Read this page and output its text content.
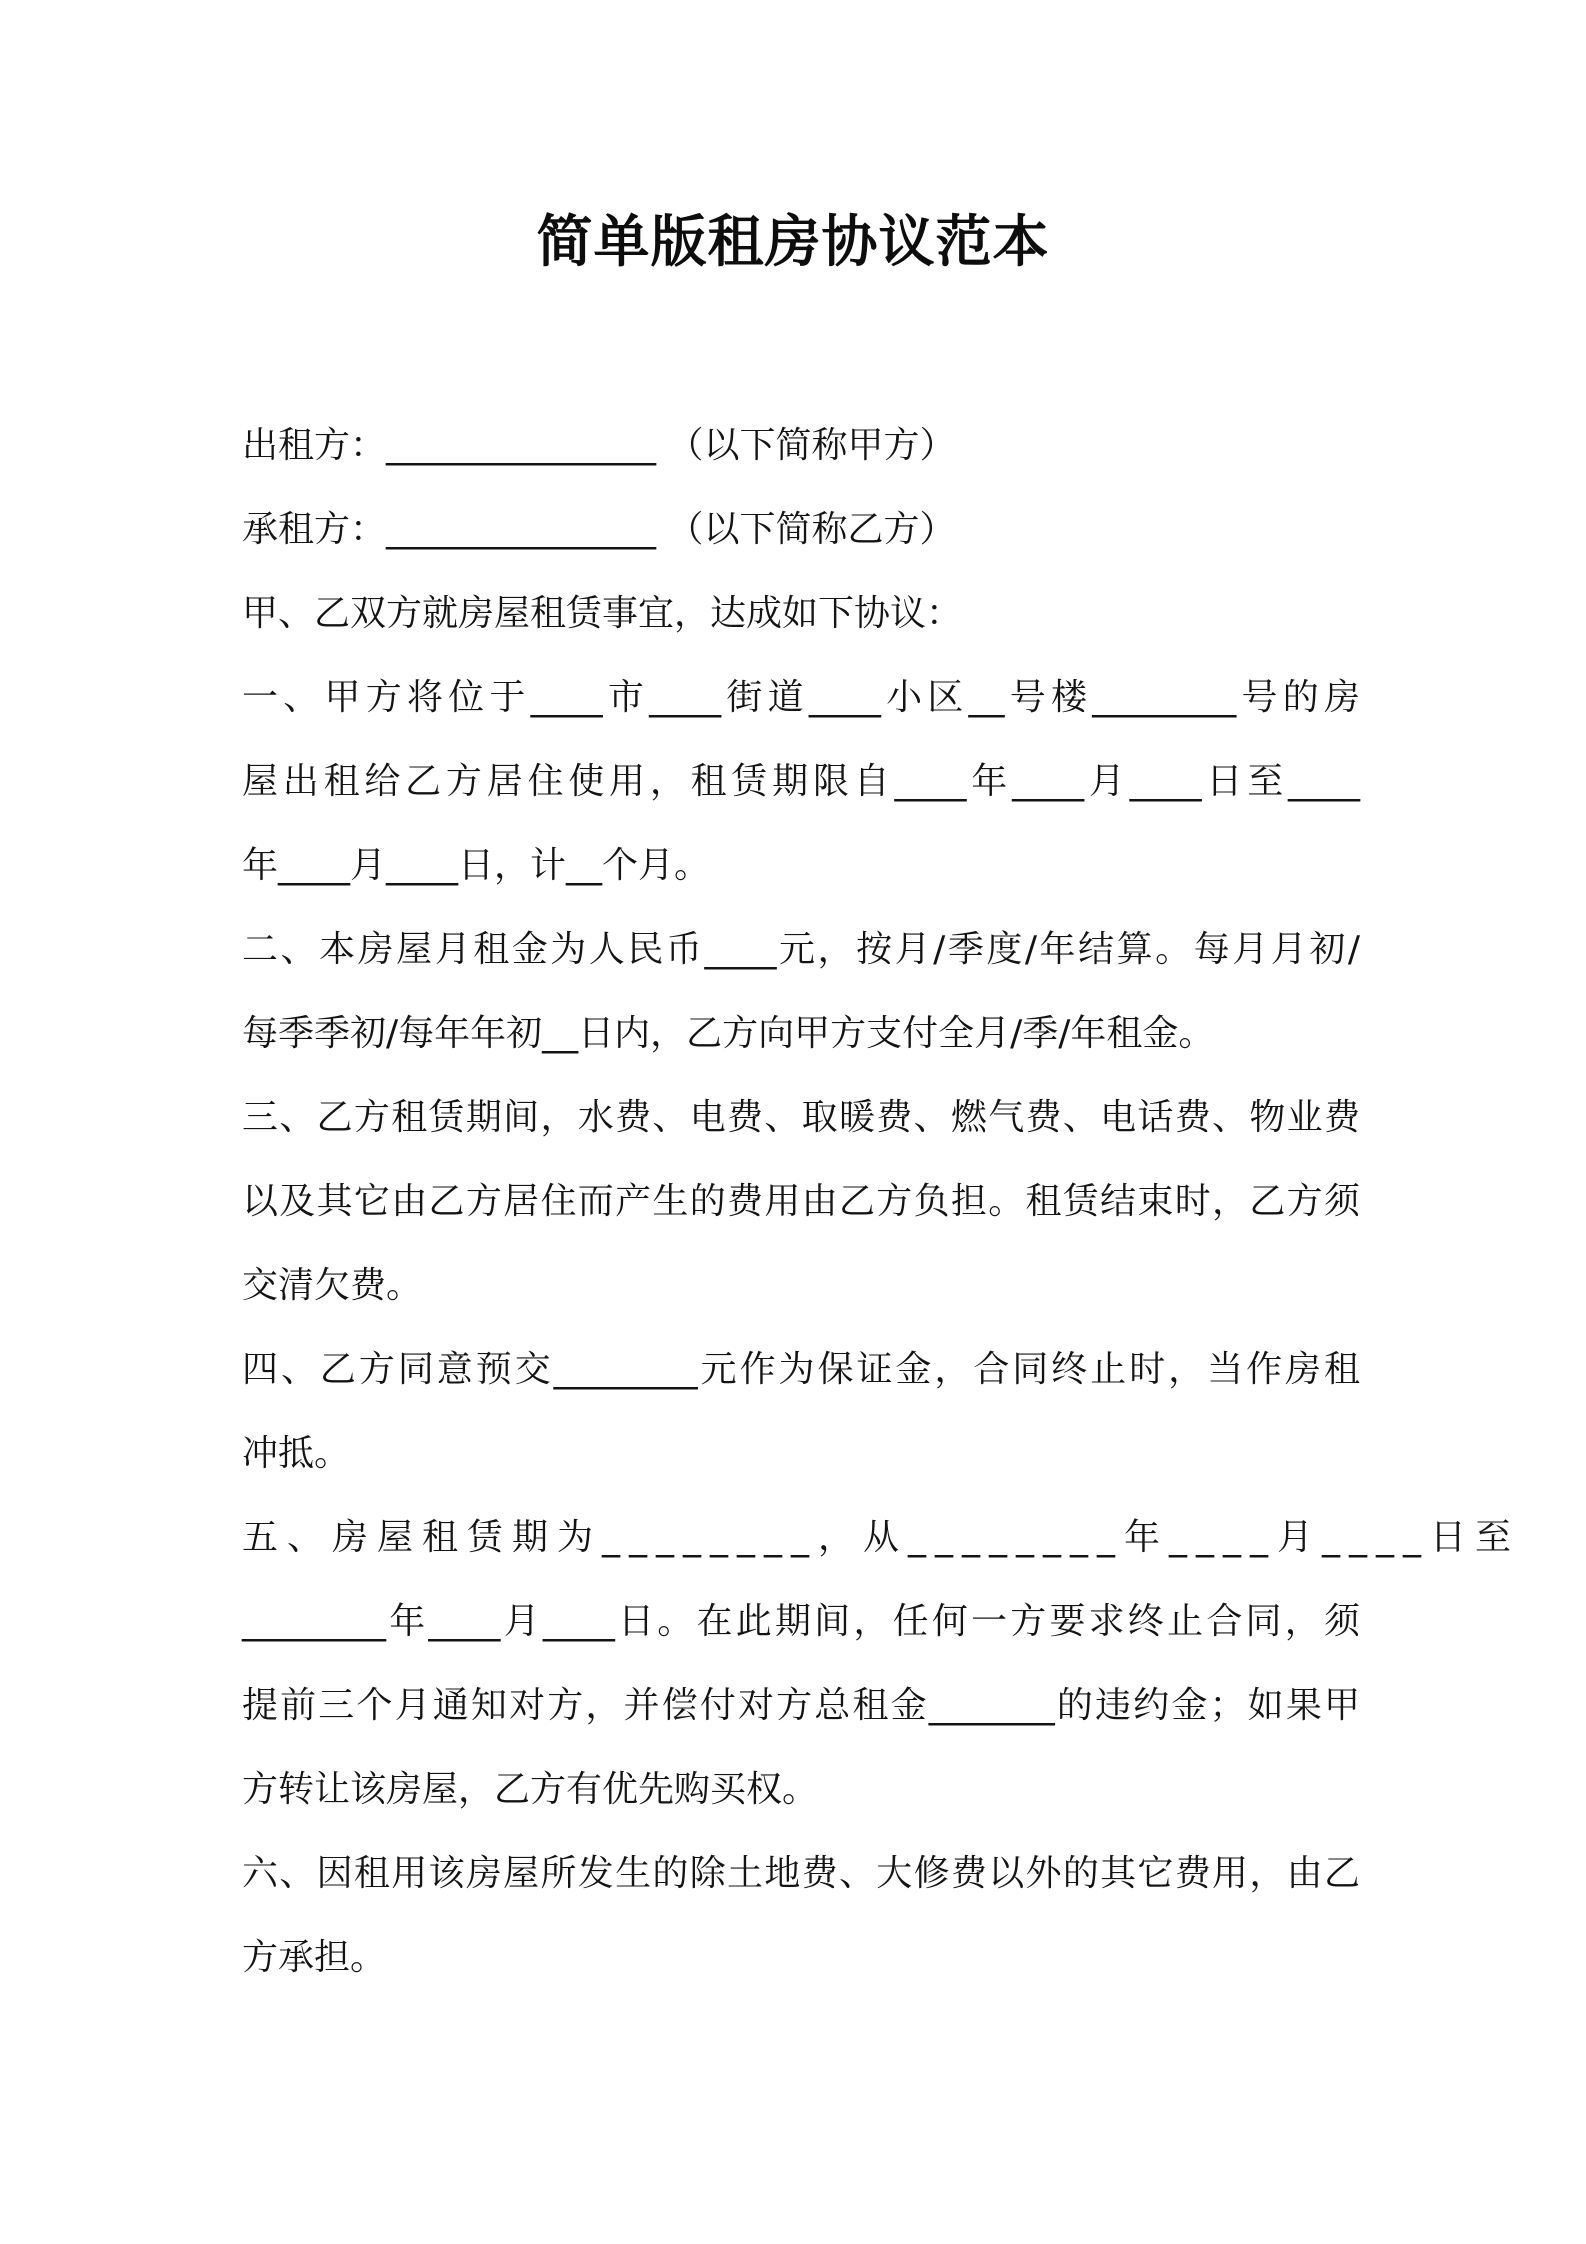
简单版租房协议范本
出租方：_______________ （以下简称甲方）
承租方：_______________ （以下简称乙方）
甲、乙双方就房屋租赁事宜，达成如下协议：
一、甲方将位于____市____街道____小区__号楼________号的房
屋出租给乙方居住使用，租赁期限自____年____月____日至____
年____月____日，计__个月。
二、本房屋月租金为人民币____元，按月/季度/年结算。每月月初/
每季季初/每年年初__日内，乙方向甲方支付全月/季/年租金。
三、乙方租赁期间，水费、电费、取暖费、燃气费、电话费、物业费
以及其它由乙方居住而产生的费用由乙方负担。租赁结束时，乙方须
交清欠费。
四、乙方同意预交________元作为保证金，合同终止时，当作房租
冲抵。
五、房屋租赁期为________，从________年____月____日至
________年____月____日。在此期间，任何一方要求终止合同，须
提前三个月通知对方，并偿付对方总租金_______的违约金；如果甲
方转让该房屋，乙方有优先购买权。
六、因租用该房屋所发生的除土地费、大修费以外的其它费用，由乙
方承担。
